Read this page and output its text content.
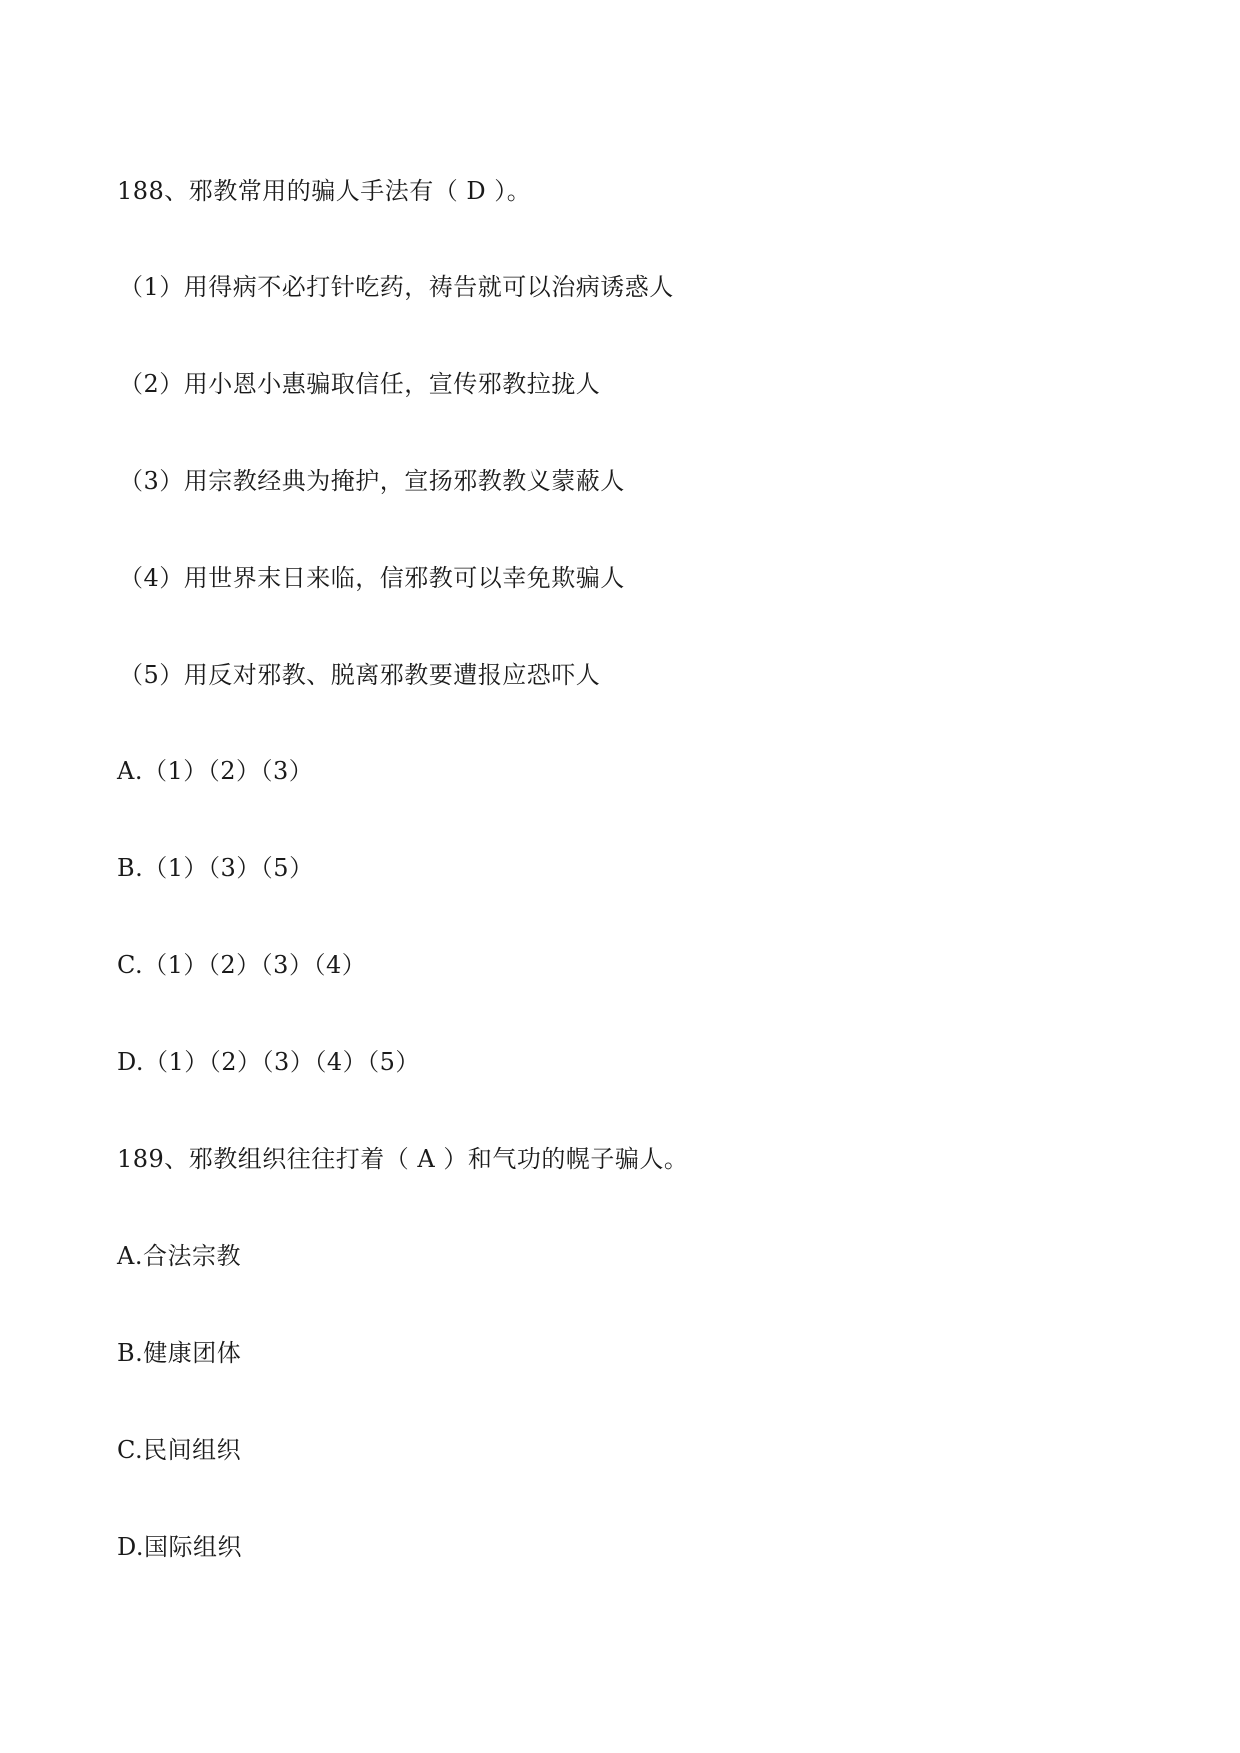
188、邪教常用的骗人手法有（ D ）。
（1）用得病不必打针吃药，祷告就可以治病诱惑人
（2）用小恩小惠骗取信任，宣传邪教拉拢人
（3）用宗教经典为掩护，宣扬邪教教义蒙蔽人
（4）用世界末日来临，信邪教可以幸免欺骗人
（5）用反对邪教、脱离邪教要遭报应恐吓人
A.（1）（2）（3）
B.（1）（3）（5）
C.（1）（2）（3）（4）
D.（1）（2）（3）（4）（5）
189、邪教组织往往打着（ A ）和气功的幌子骗人。
A.合法宗教
B.健康团体
C.民间组织
D.国际组织
